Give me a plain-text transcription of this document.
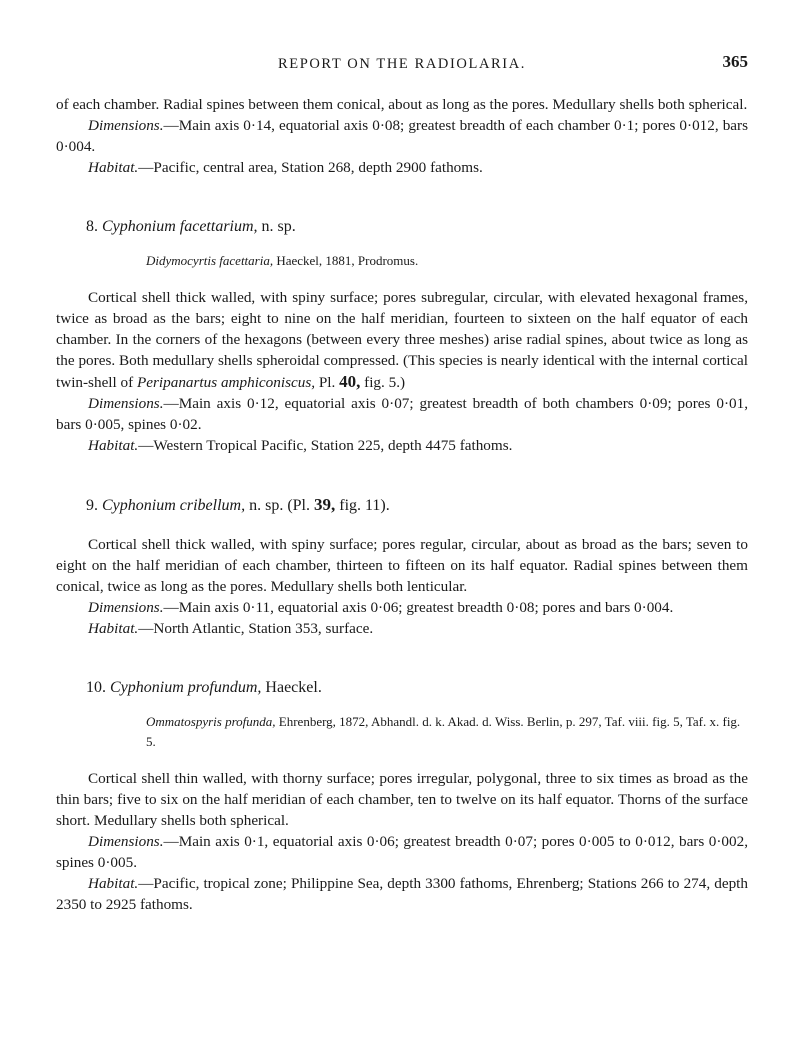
REPORT ON THE RADIOLARIA.	365

of each chamber. Radial spines between them conical, about as long as the pores. Medullary shells both spherical.

Dimensions.—Main axis 0·14, equatorial axis 0·08; greatest breadth of each chamber 0·1; pores 0·012, bars 0·004.

Habitat.—Pacific, central area, Station 268, depth 2900 fathoms.

8. Cyphonium facettarium, n. sp.

Didymocyrtis facettaria, Haeckel, 1881, Prodromus.

Cortical shell thick walled, with spiny surface; pores subregular, circular, with elevated hexagonal frames, twice as broad as the bars; eight to nine on the half meridian, fourteen to sixteen on the half equator of each chamber. In the corners of the hexagons (between every three meshes) arise radial spines, about twice as long as the pores. Both medullary shells spheroidal compressed. (This species is nearly identical with the internal cortical twin-shell of Peripanartus amphiconiscus, Pl. 40, fig. 5.)

Dimensions.—Main axis 0·12, equatorial axis 0·07; greatest breadth of both chambers 0·09; pores 0·01, bars 0·005, spines 0·02.

Habitat.—Western Tropical Pacific, Station 225, depth 4475 fathoms.

9. Cyphonium cribellum, n. sp. (Pl. 39, fig. 11).

Cortical shell thick walled, with spiny surface; pores regular, circular, about as broad as the bars; seven to eight on the half meridian of each chamber, thirteen to fifteen on its half equator. Radial spines between them conical, twice as long as the pores. Medullary shells both lenticular.

Dimensions.—Main axis 0·11, equatorial axis 0·06; greatest breadth 0·08; pores and bars 0·004.

Habitat.—North Atlantic, Station 353, surface.

10. Cyphonium profundum, Haeckel.

Ommatospyris profunda, Ehrenberg, 1872, Abhandl. d. k. Akad. d. Wiss. Berlin, p. 297, Taf. viii. fig. 5, Taf. x. fig. 5.

Cortical shell thin walled, with thorny surface; pores irregular, polygonal, three to six times as broad as the thin bars; five to six on the half meridian of each chamber, ten to twelve on its half equator. Thorns of the surface short. Medullary shells both spherical.

Dimensions.—Main axis 0·1, equatorial axis 0·06; greatest breadth 0·07; pores 0·005 to 0·012, bars 0·002, spines 0·005.

Habitat.—Pacific, tropical zone; Philippine Sea, depth 3300 fathoms, Ehrenberg; Stations 266 to 274, depth 2350 to 2925 fathoms.
